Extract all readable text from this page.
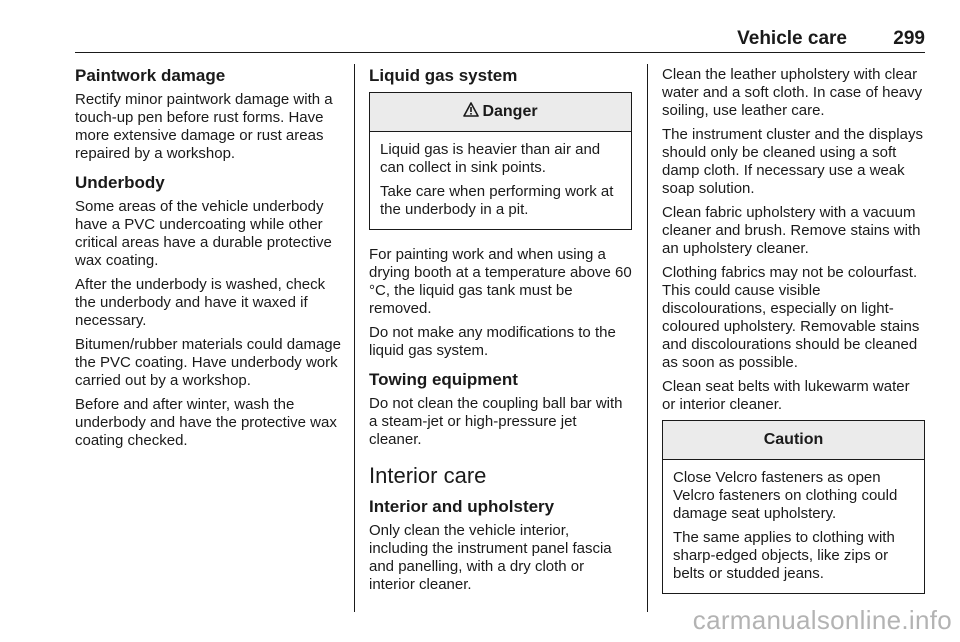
Vehicle care 299
Paintwork damage

Rectify minor paintwork damage with a touch-up pen before rust forms. Have more extensive damage or rust areas repaired by a workshop.

Underbody

Some areas of the vehicle underbody have a PVC undercoating while other critical areas have a durable protective wax coating.

After the underbody is washed, check the underbody and have it waxed if necessary.

Bitumen/rubber materials could damage the PVC coating. Have underbody work carried out by a workshop.

Before and after winter, wash the underbody and have the protective wax coating checked.

Liquid gas system
Danger

Liquid gas is heavier than air and can collect in sink points.

Take care when performing work at the underbody in a pit.

For painting work and when using a drying booth at a temperature above 60 °C, the liquid gas tank must be removed.

Do not make any modifications to the liquid gas system.

Towing equipment

Do not clean the coupling ball bar with a steam-jet or high-pressure jet cleaner.

Interior care
Interior and upholstery

Only clean the vehicle interior, including the instrument panel fascia and panelling, with a dry cloth or interior cleaner.

Clean the leather upholstery with clear water and a soft cloth. In case of heavy soiling, use leather care.

The instrument cluster and the displays should only be cleaned using a soft damp cloth. If necessary use a weak soap solution.

Clean fabric upholstery with a vacuum cleaner and brush. Remove stains with an upholstery cleaner.

Clothing fabrics may not be colourfast. This could cause visible discolourations, especially on light-coloured upholstery. Removable stains and discolourations should be cleaned as soon as possible.

Clean seat belts with lukewarm water or interior cleaner.

Caution

Close Velcro fasteners as open Velcro fasteners on clothing could damage seat upholstery.

The same applies to clothing with sharp-edged objects, like zips or belts or studded jeans.

carmanualsonline.info
